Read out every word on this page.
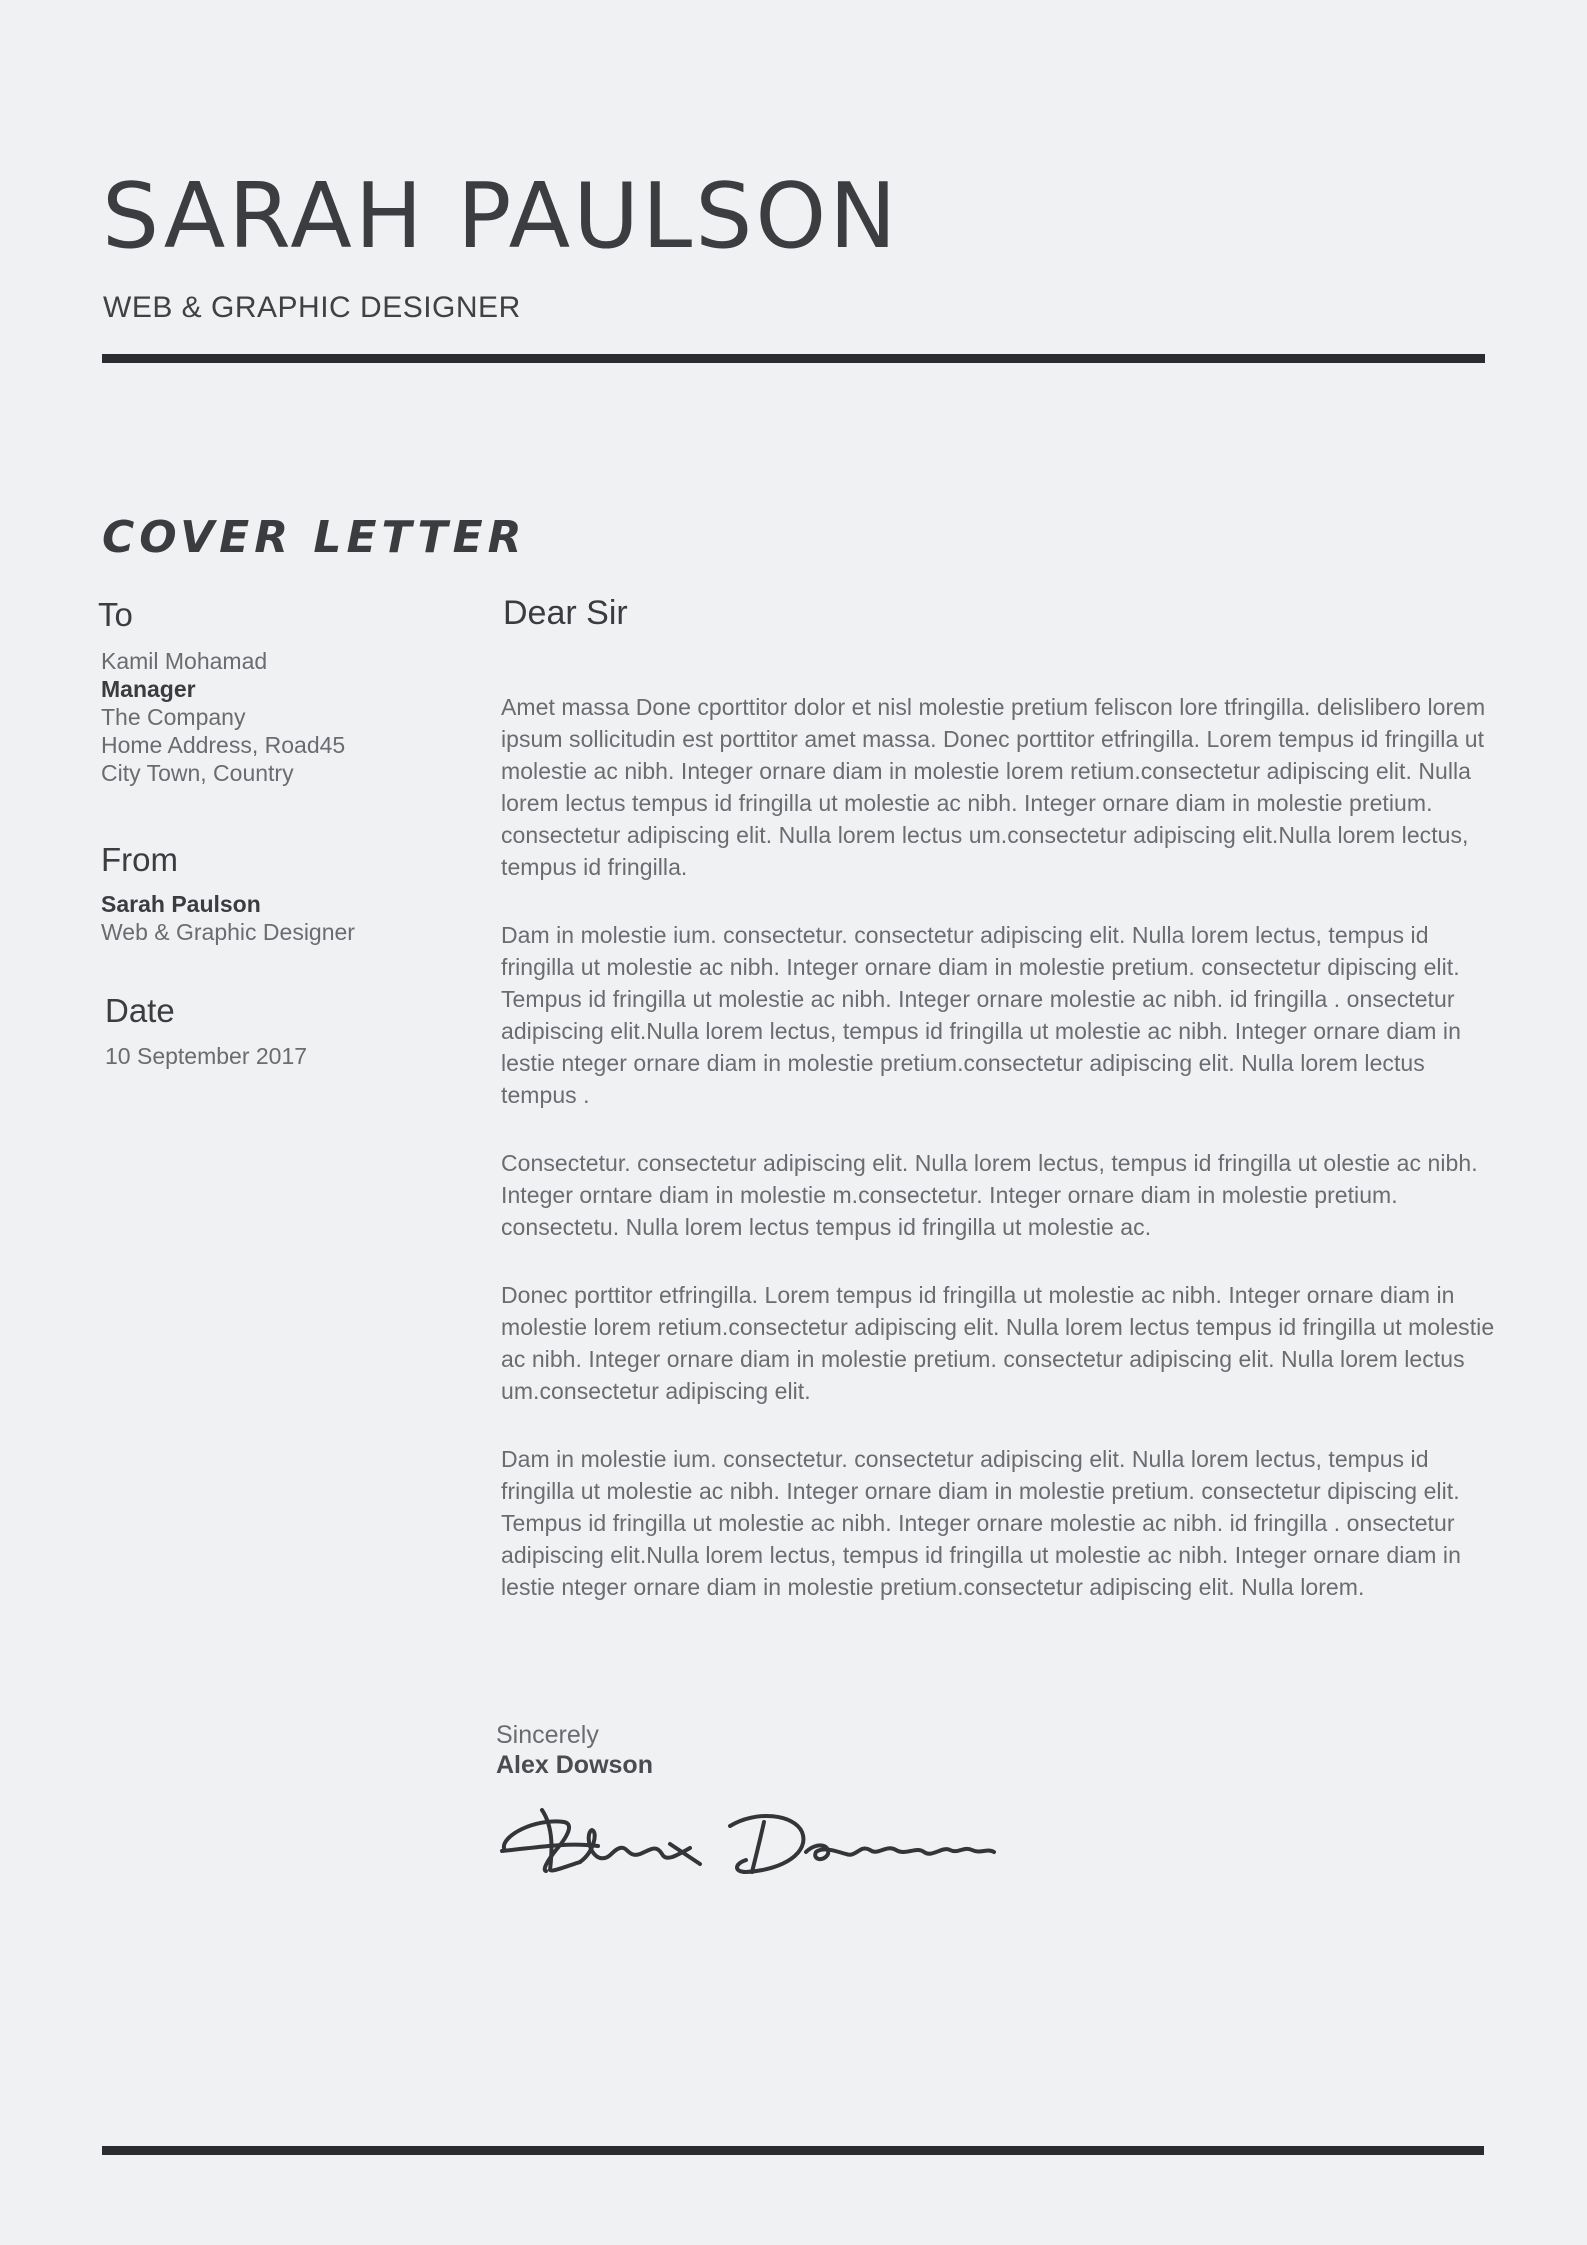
SARAH PAULSON
WEB & GRAPHIC DESIGNER
COVER LETTER
To
Kamil Mohamad
Manager
The Company
Home Address, Road45
City Town, Country
From
Sarah Paulson
Web & Graphic Designer
Date
10 September 2017
Dear Sir

Amet massa Done cporttitor dolor et nisl molestie pretium feliscon lore tfringilla. delislibero lorem ipsum sollicitudin est porttitor amet massa. Donec porttitor etfringilla. Lorem tempus id fringilla ut molestie ac nibh. Integer ornare diam in molestie lorem retium.consectetur adipiscing elit. Nulla lorem lectus tempus id fringilla ut molestie ac nibh. Integer ornare diam in molestie pretium. consectetur adipiscing elit. Nulla lorem lectus um.consectetur adipiscing elit.Nulla lorem lectus, tempus id fringilla.

Dam in molestie ium. consectetur. consectetur adipiscing elit. Nulla lorem lectus, tempus id fringilla ut molestie ac nibh. Integer ornare diam in molestie pretium. consectetur dipiscing elit. Tempus id fringilla ut molestie ac nibh. Integer ornare molestie ac nibh. id fringilla . onsectetur adipiscing elit.Nulla lorem lectus, tempus id fringilla ut molestie ac nibh. Integer ornare diam in lestie nteger ornare diam in molestie pretium.consectetur adipiscing elit. Nulla lorem lectus tempus .

Consectetur. consectetur adipiscing elit. Nulla lorem lectus, tempus id fringilla ut olestie ac nibh. Integer orntare diam in molestie m.consectetur. Integer ornare diam in molestie pretium. consectetu. Nulla lorem lectus tempus id fringilla ut molestie ac.

Donec porttitor etfringilla. Lorem tempus id fringilla ut molestie ac nibh. Integer ornare diam in molestie lorem retium.consectetur adipiscing elit. Nulla lorem lectus tempus id fringilla ut molestie ac nibh. Integer ornare diam in molestie pretium. consectetur adipiscing elit. Nulla lorem lectus um.consectetur adipiscing elit.

Dam in molestie ium. consectetur. consectetur adipiscing elit. Nulla lorem lectus, tempus id fringilla ut molestie ac nibh. Integer ornare diam in molestie pretium. consectetur dipiscing elit. Tempus id fringilla ut molestie ac nibh. Integer ornare molestie ac nibh. id fringilla . onsectetur adipiscing elit.Nulla lorem lectus, tempus id fringilla ut molestie ac nibh. Integer ornare diam in lestie nteger ornare diam in molestie pretium.consectetur adipiscing elit. Nulla lorem.

Sincerely
Alex Dowson
